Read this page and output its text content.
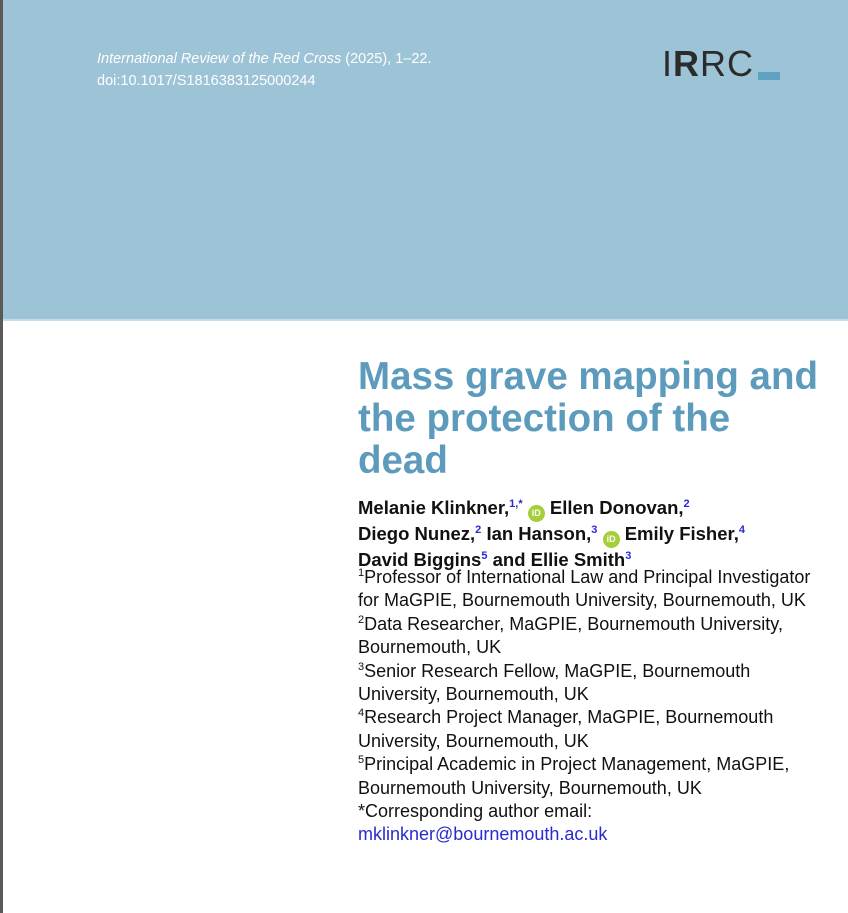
International Review of the Red Cross (2025), 1–22.
doi:10.1017/S1816383125000244	IRRC
Mass grave mapping and the protection of the dead
Melanie Klinkner,$^{1,*}$ iD Ellen Donovan,$^2$
Diego Nunez,$^2$ Ian Hanson,$^3$ iD Emily Fisher,$^4$
David Biggins$^5$ and Ellie Smith$^3$
$^1$Professor of International Law and Principal Investigator for MaGPIE, Bournemouth University, Bournemouth, UK
$^2$Data Researcher, MaGPIE, Bournemouth University, Bournemouth, UK
$^3$Senior Research Fellow, MaGPIE, Bournemouth University, Bournemouth, UK
$^4$Research Project Manager, MaGPIE, Bournemouth University, Bournemouth, UK
$^5$Principal Academic in Project Management, MaGPIE, Bournemouth University, Bournemouth, UK
*Corresponding author email:
mklinkner@bournemouth.ac.uk
